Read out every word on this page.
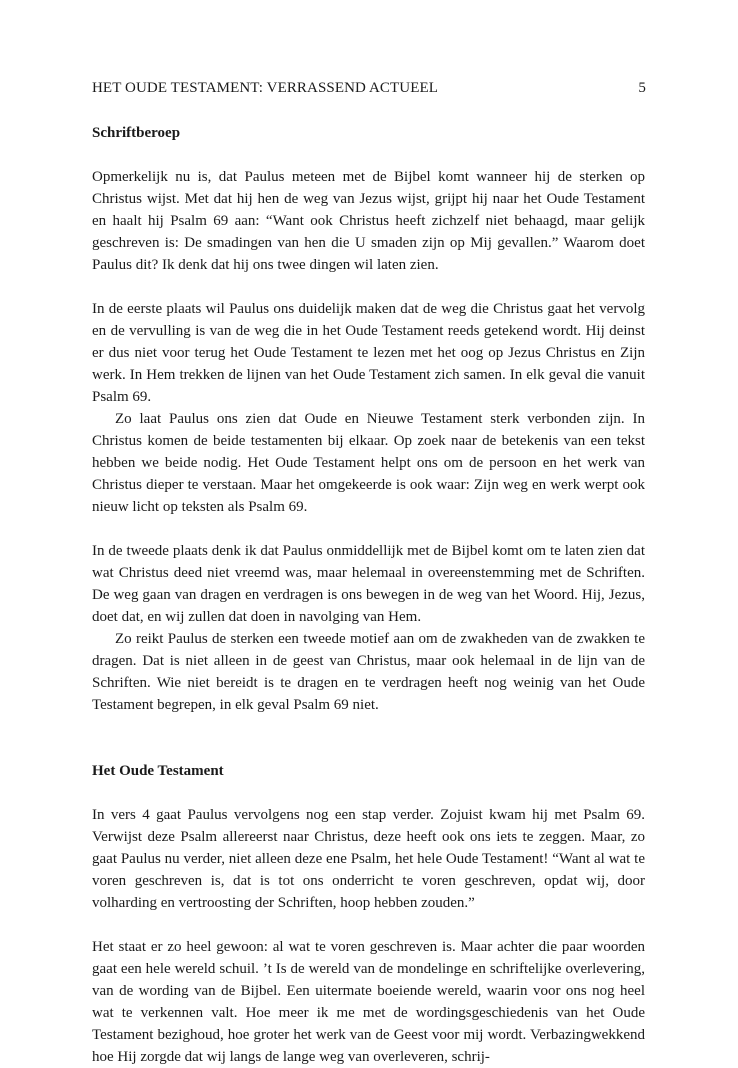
HET OUDE TESTAMENT: VERRASSEND ACTUEEL	5
Schriftberoep

Opmerkelijk nu is, dat Paulus meteen met de Bijbel komt wanneer hij de sterken op Christus wijst. Met dat hij hen de weg van Jezus wijst, grijpt hij naar het Oude Testament en haalt hij Psalm 69 aan: “Want ook Christus heeft zichzelf niet behaagd, maar gelijk geschreven is: De smadingen van hen die U smaden zijn op Mij gevallen.” Waarom doet Paulus dit? Ik denk dat hij ons twee dingen wil laten zien.

In de eerste plaats wil Paulus ons duidelijk maken dat de weg die Christus gaat het vervolg en de vervulling is van de weg die in het Oude Testament reeds getekend wordt. Hij deinst er dus niet voor terug het Oude Testament te lezen met het oog op Jezus Christus en Zijn werk. In Hem trekken de lijnen van het Oude Testament zich samen. In elk geval die vanuit Psalm 69.

Zo laat Paulus ons zien dat Oude en Nieuwe Testament sterk verbonden zijn. In Christus komen de beide testamenten bij elkaar. Op zoek naar de betekenis van een tekst hebben we beide nodig. Het Oude Testament helpt ons om de persoon en het werk van Christus dieper te verstaan. Maar het omgekeerde is ook waar: Zijn weg en werk werpt ook nieuw licht op teksten als Psalm 69.

In de tweede plaats denk ik dat Paulus onmiddellijk met de Bijbel komt om te laten zien dat wat Christus deed niet vreemd was, maar helemaal in overeenstemming met de Schriften. De weg gaan van dragen en verdragen is ons bewegen in de weg van het Woord. Hij, Jezus, doet dat, en wij zullen dat doen in navolging van Hem.

Zo reikt Paulus de sterken een tweede motief aan om de zwakheden van de zwakken te dragen. Dat is niet alleen in de geest van Christus, maar ook helemaal in de lijn van de Schriften. Wie niet bereidt is te dragen en te verdragen heeft nog weinig van het Oude Testament begrepen, in elk geval Psalm 69 niet.

Het Oude Testament

In vers 4 gaat Paulus vervolgens nog een stap verder. Zojuist kwam hij met Psalm 69. Verwijst deze Psalm allereerst naar Christus, deze heeft ook ons iets te zeggen. Maar, zo gaat Paulus nu verder, niet alleen deze ene Psalm, het hele Oude Testament! “Want al wat te voren geschreven is, dat is tot ons onderricht te voren geschreven, opdat wij, door volharding en vertroosting der Schriften, hoop hebben zouden.”

Het staat er zo heel gewoon: al wat te voren geschreven is. Maar achter die paar woorden gaat een hele wereld schuil. ’t Is de wereld van de mondelinge en schriftelijke overlevering, van de wording van de Bijbel. Een uitermate boeiende wereld, waarin voor ons nog heel wat te verkennen valt. Hoe meer ik me met de wordingsgeschiedenis van het Oude Testament bezighoud, hoe groter het werk van de Geest voor mij wordt. Verbazingwekkend hoe Hij zorgde dat wij langs de lange weg van overleveren, schrij-
